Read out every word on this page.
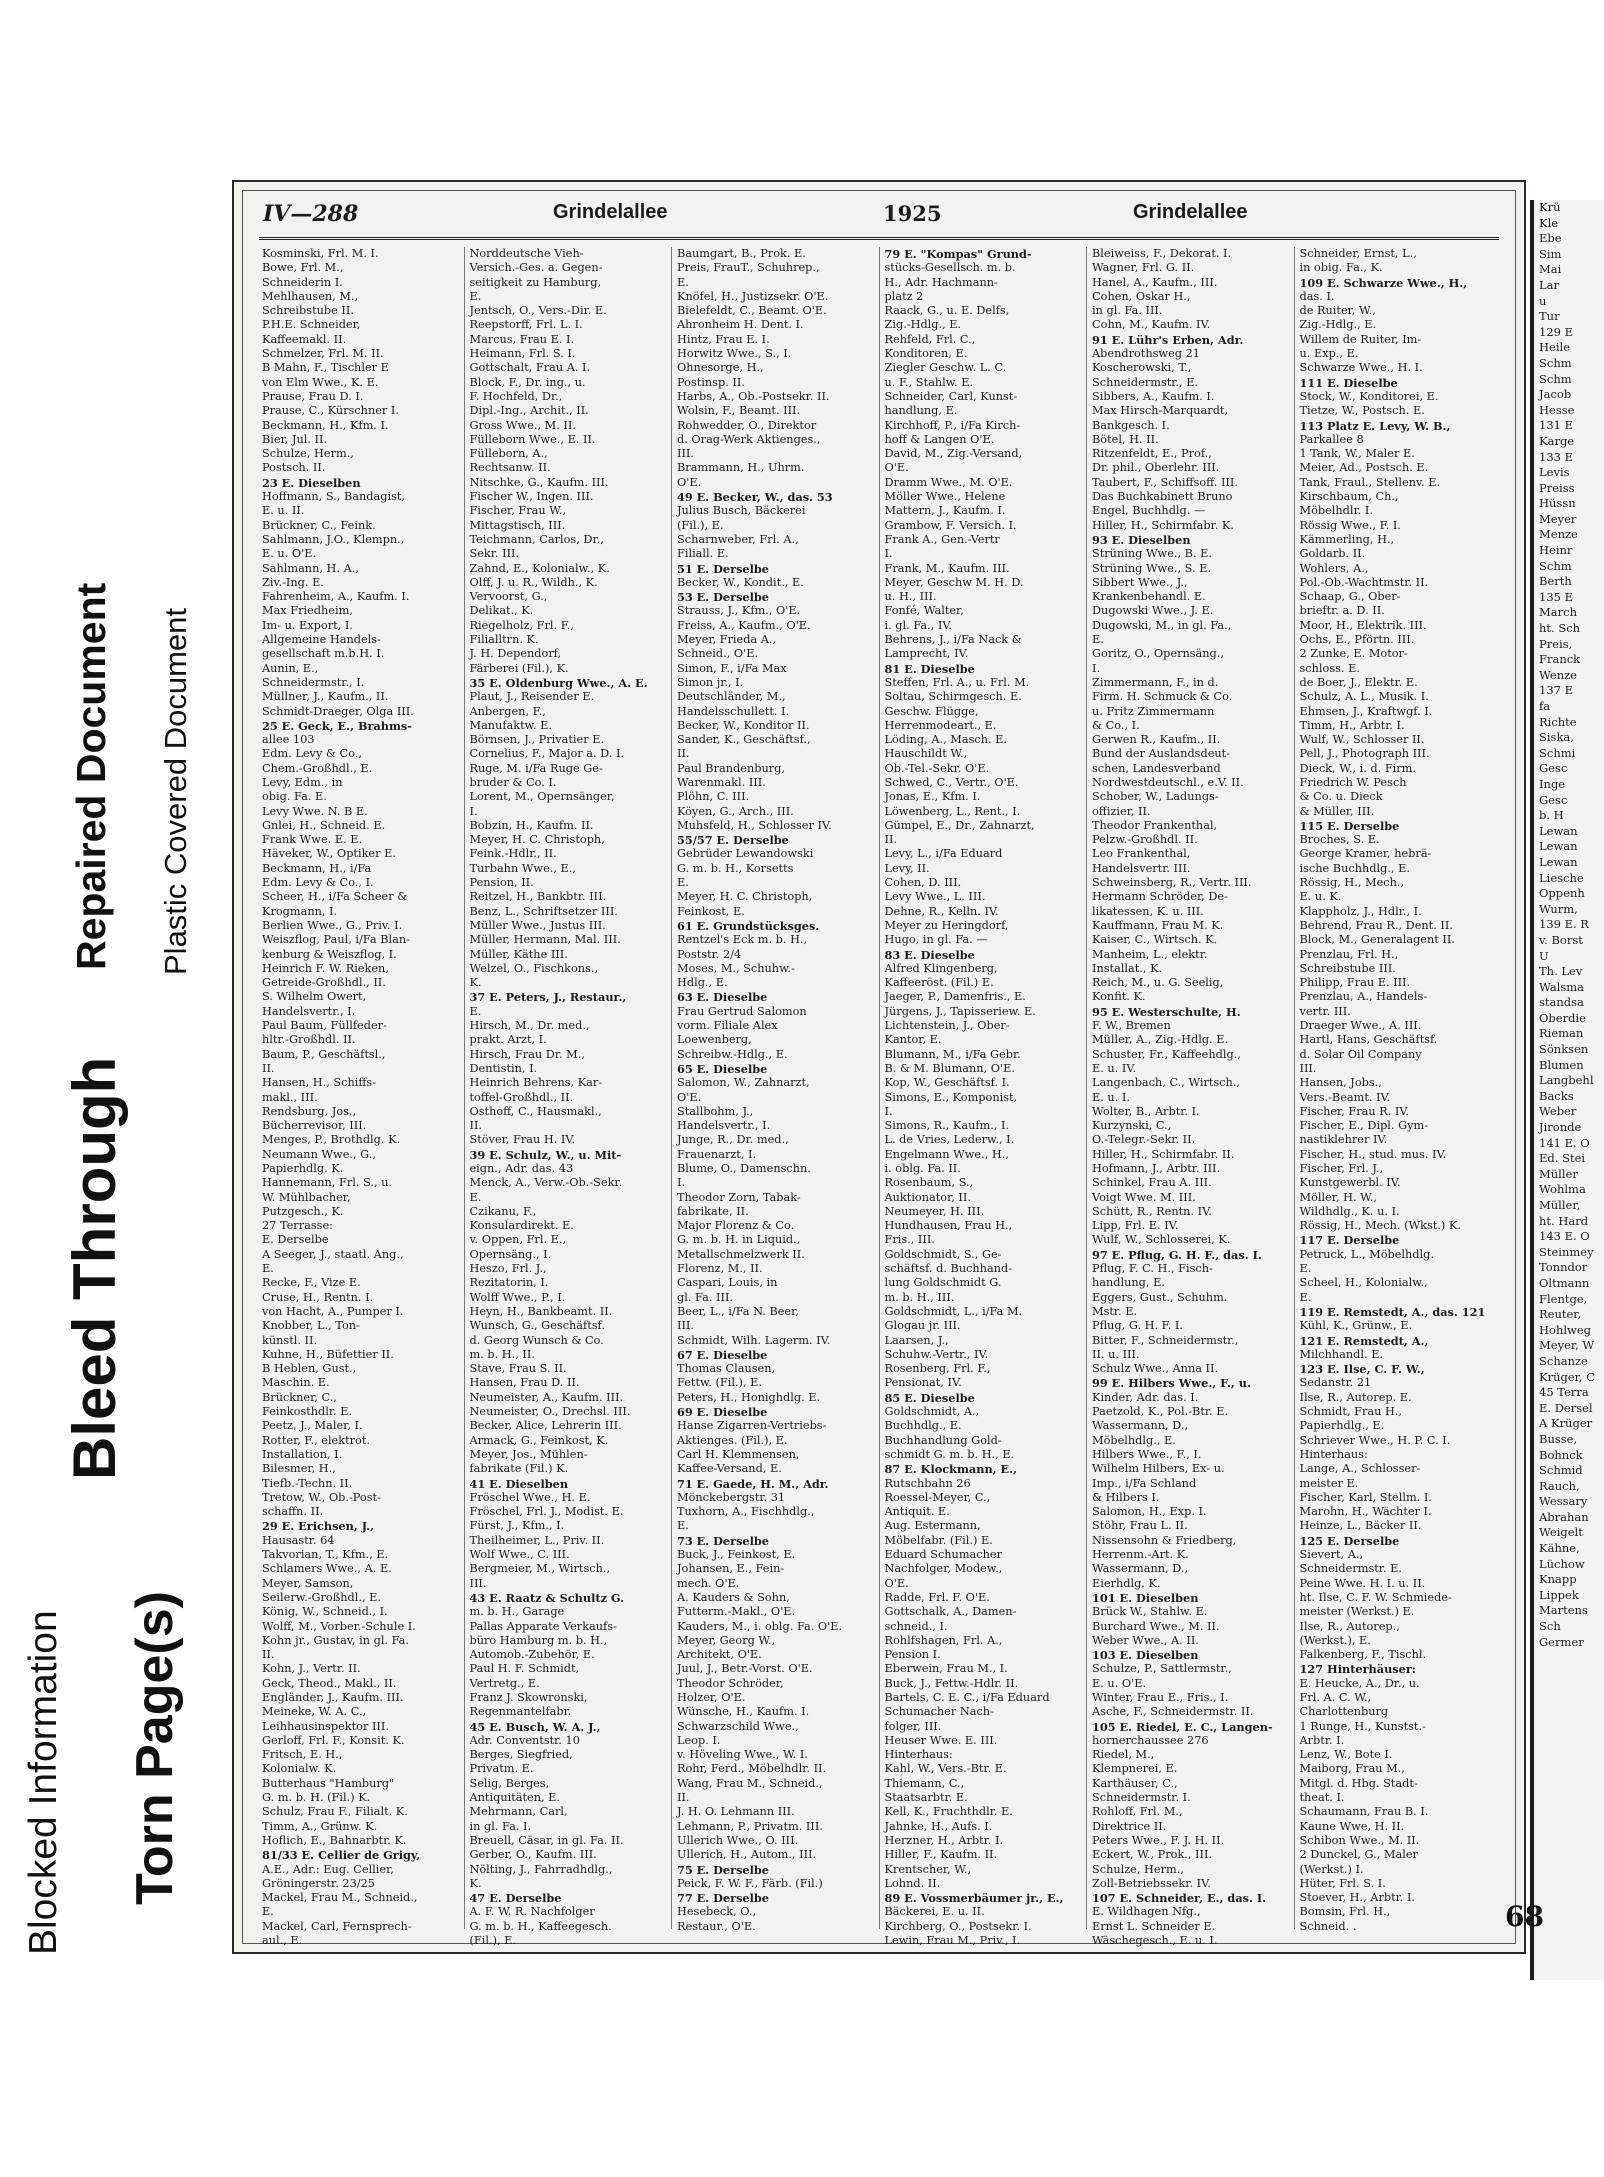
Blocked Information Torn Page(s)
Bleed Through
Repaired Document Plastic Covered Document
IV—288	Grindelallee	1925	Grindelallee
Kosminski, Frl. M. I.
Bowe, Frl. M.,
Schneiderin I.
Mehlhausen, M.,
Schreibstube II.
P.H.E. Schneider,
Kaffeemakl. II.
Schmelzer, Frl. M. II.
B Mahn, F., Tischler E
von Elm Wwe., K. E.
Prause, Frau D. I.
Prause, C., Kürschner I.
Beckmann, H., Kfm. I.
Bier, Jul. II.
Schulze, Herm.,
Postsch. II.
23 E. Dieselben
Hoffmann, S., Bandagist,
E. u. II.
Brückner, C., Feink.
Sahlmann, J.O., Klempn.,
E. u. O'E.
Sahlmann, H. A.,
Ziv.-Ing. E.
Fahrenheim, A., Kaufm. I.
Max Friedheim,
Im- u. Export, I.
Allgemeine Handels-
gesellschaft m.b.H. I.
Aunin, E.,
Schneidermstr., I.
Müllner, J., Kaufm., II.
Schmidt-Draeger, Olga III.
25 E. Geck, E., Brahms-
allee 103
Edm. Levy & Co.,
Chem.-Großhdl., E.
Levy, Edm., in
obig. Fa. E.
Levy Wwe. N. B E.
Gnlei, H., Schneid. E.
Frank Wwe. E. E.
Häveker, W., Optiker E.
Beckmann, H., i/Fa
Edm. Levy & Co., I.
Scheer, H., i/Fa Scheer &
Krogmann, I.
Berlien Wwe., G., Priv. I.
Weiszflog, Paul, i/Fa Blan-
kenburg & Weiszflog, I.
Heinrich F. W. Rieken,
Getreide-Großhdl., II.
S. Wilhelm Owert,
Handelsvertr., I.
Paul Baum, Füllfeder-
hltr.-Großhdl. II.
Baum, P., Geschäftsl.,
II.
Hansen, H., Schiffs-
makl., III.
Rendsburg, Jos.,
Bücherrevisor, III.
Menges, P., Brothdlg. K.
Neumann Wwe., G.,
Papierhdlg. K.
Hannemann, Frl. S., u.
W. Mühlbacher,
Putzgesch., K.
27 Terrasse:
E. Derselbe
A Seeger, J., staatl. Ang.,
E.
Recke, F., Vize E.
Cruse, H., Rentn. I.
von Hacht, A., Pumper I.
Knobber, L., Ton-
künstl. II.
Kuhne, H., Büfettier II.
B Heblen, Gust.,
Maschin. E.
Brückner, C.,
Feinkosthdlr. E.
Peetz, J., Maler, I.
Rotter, F., elektrot.
Installation, I.
Bilesmer, H.,
Tiefb.-Techn. II.
Tretow, W., Ob.-Post-
schaffn. II.
29 E. Erichsen, J.,
Hausastr. 64
Takvorian, T., Kfm., E.
Schlamers Wwe., A. E.
Meyer, Samson,
Seilerw.-Großhdl., E.
König, W., Schneid., I.
Wolff, M., Vorber.-Schule I.
Kohn jr., Gustav, in gl. Fa.
II.
Kohn, J., Vertr. II.
Geck, Theod., Makl., II.
Engländer, J., Kaufm. III.
Meineke, W. A. C.,
Leihhausinspektor III.
Gerloff, Frl. F., Konsit. K.
Fritsch, E. H.,
Kolonialw. K.
Butterhaus "Hamburg"
G. m. b. H. (Fil.) K.
Schulz, Frau F., Filialt. K.
Timm, A., Grünw. K.
Hoflich, E., Bahnarbtr. K.
81/33 E. Cellier de Grigy,
A.E., Adr.: Eug. Cellier,
Gröningerstr. 23/25
Mackel, Frau M., Schneid.,
E.
Mackel, Carl, Fernsprech-
aul., E.
Norddeutsche Vieh-
Versich.-Ges. a. Gegen-
seitigkeit zu Hamburg,
E.
Jentsch, O., Vers.-Dir. E.
Reepstorff, Frl. L. I.
Marcus, Frau E. I.
Heimann, Frl. S. I.
Gottschalt, Frau A. I.
Block, F., Dr. ing., u.
F. Hochfeld, Dr.,
Dipl.-Ing., Archit., II.
Gross Wwe., M. II.
Fülleborn Wwe., E. II.
Fülleborn, A.,
Rechtsanw. II.
Nitschke, G., Kaufm. III.
Fischer W., Ingen. III.
Fischer, Frau W.,
Mittagstisch, III.
Teichmann, Carlos, Dr.,
Sekr. III.
Zahnd, E., Kolonialw., K.
Olff, J. u. R., Wildh., K.
Vervoorst, G.,
Delikat., K.
Riegelholz, Frl. F.,
Filialltrn. K.
J. H. Dependorf,
Färberei (Fil.), K.
35 E. Oldenburg Wwe., A. E.
Plaut, J., Reisender E.
Anbergen, F.,
Manufaktw. E.
Börnsen, J., Privatier E.
Cornelius, F., Major a. D. I.
Ruge, M. i/Fa Ruge Ge-
bruder & Co. I.
Lorent, M., Opernsänger,
I.
Bobzin, H., Kaufm. II.
Meyer, H. C. Christoph,
Feink.-Hdlr., II.
Turbahn Wwe., E.,
Pension, II.
Reitzel, H., Bankbtr. III.
Benz, L., Schriftsetzer III.
Müller Wwe., Justus III.
Müller, Hermann, Mal. III.
Müller, Käthe III.
Welzel, O., Fischkons.,
K.
37 E. Peters, J., Restaur.,
E.
Hirsch, M., Dr. med.,
prakt. Arzt, I.
Hirsch, Frau Dr. M.,
Dentistin, I.
Heinrich Behrens, Kar-
toffel-Großhdl., II.
Osthoff, C., Hausmakl.,
II.
Stöver, Frau H. IV.
39 E. Schulz, W., u. Mit-
eign., Adr. das. 43
Menck, A., Verw.-Ob.-Sekr.
E.
Czikanu, F.,
Konsulardirekt. E.
v. Oppen, Frl. E.,
Opernsäng., I.
Heszo, Frl. J.,
Rezitatorin, I.
Wolff Wwe., P., I.
Heyn, H., Bankbeamt. II.
Wunsch, G., Geschäftsf.
d. Georg Wunsch & Co.
m. b. H., II.
Stave, Frau S. II.
Hansen, Frau D. II.
Neumeister, A., Kaufm. III.
Neumeister, O., Drechsl. III.
Becker, Alice, Lehrerin III.
Armack, G., Feinkost, K.
Meyer, Jos., Mühlen-
fabrikate (Fil.) K.
41 E. Dieselben
Fröschel Wwe., H. E.
Fröschel, Frl. J., Modist. E.
Fürst, J., Kfm., I.
Theilheimer, L., Priv. II.
Wolf Wwe., C. III.
Bergmeier, M., Wirtsch.,
III.
43 E. Raatz & Schultz G.
m. b. H., Garage
Pallas Apparate Verkaufs-
büro Hamburg m. b. H.,
Automob.-Zubehör, E.
Paul H. F. Schmidt,
Vertretg., E.
Franz J. Skowronski,
Regenmantelfabr.
45 E. Busch, W. A. J.,
Adr. Conventstr. 10
Berges, Siegfried,
Privatm. E.
Selig, Berges,
Antiquitäten, E.
Mehrmann, Carl,
in gl. Fa. I.
Breuell, Cäsar, in gl. Fa. II.
Gerber, O., Kaufm. III.
Nölting, J., Fahrradhdlg.,
K.
47 E. Derselbe
A. F. W. R. Nachfolger
G. m. b. H., Kaffeegesch.
(Fil.), E.
Baumgart, B., Prok. E.
Preis, FrauT., Schuhrep.,
E.
Knöfel, H., Justizsekr. O'E.
Bielefeldt, C., Beamt. O'E.
Ahronheim H. Dent. I.
Hintz, Frau E. I.
Horwitz Wwe., S., I.
Ohnesorge, H.,
Postinsp. II.
Harbs, A., Ob.-Postsekr. II.
Wolsin, F., Beamt. III.
Rohwedder, O., Direktor
d. Orag-Werk Aktienges.,
III.
Brammann, H., Uhrm.
O'E.
49 E. Becker, W., das. 53
Julius Busch, Bäckerei
(Fil.), E.
Scharnweber, Frl. A.,
Filiall. E.
51 E. Derselbe
Becker, W., Kondit., E.
53 E. Derselbe
Strauss, J., Kfm., O'E.
Freiss, A., Kaufm., O'E.
Meyer, Frieda A.,
Schneid., O'E.
Simon, F., i/Fa Max
Simon jr., I.
Deutschländer, M.,
Handelsschullett. I.
Becker, W., Konditor II.
Sander, K., Geschäftsf.,
II.
Paul Brandenburg,
Warenmakl. III.
Plöhn, C. III.
Köyen, G., Arch., III.
Muhsfeld, H., Schlosser IV.
55/57 E. Derselbe
Gebrüder Lewandowski
G. m. b. H., Korsetts
E.
Meyer, H. C. Christoph,
Feinkost, E.
61 E. Grundstücksges.
Rentzel's Eck m. b. H.,
Poststr. 2/4
Moses, M., Schuhw.-
Hdlg., E.
63 E. Dieselbe
Frau Gertrud Salomon
vorm. Filiale Alex
Loewenberg,
Schreibw.-Hdlg., E.
65 E. Dieselbe
Salomon, W., Zahnarzt,
O'E.
Stallbohm, J.,
Handelsvertr., I.
Junge, R., Dr. med.,
Frauenarzt, I.
Blume, O., Damenschn.
I.
Theodor Zorn, Tabak-
fabrikate, II.
Major Florenz & Co.
G. m. b. H. in Liquid.,
Metallschmelzwerk II.
Florenz, M., II.
Caspari, Louis, in
gl. Fa. III.
Beer, L., i/Fa N. Beer,
III.
Schmidt, Wilh. Lagerm. IV.
67 E. Dieselbe
Thomas Clausen,
Fettw. (Fil.), E.
Peters, H., Honighdlg. E.
69 E. Dieselbe
Hanse Zigarren-Vertriebs-
Aktienges. (Fil.), E.
Carl H. Klemmensen,
Kaffee-Versand, E.
71 E. Gaede, H. M., Adr.
Mönckebergstr. 31
Tuxhorn, A., Fischhdlg.,
E.
73 E. Derselbe
Buck, J., Feinkost, E.
Johansen, E., Fein-
mech. O'E.
A. Kauders & Sohn,
Futterm.-Makl., O'E.
Kauders, M., i. oblg. Fa. O'E.
Meyer, Georg W.,
Architekt, O'E.
Juul, J., Betr.-Vorst. O'E.
Theodor Schröder,
Holzer, O'E.
Wünsche, H., Kaufm. I.
Schwarzschild Wwe.,
Leop. I.
v. Höveling Wwe., W. I.
Rohr, Ferd., Möbelhdlr. II.
Wang, Frau M., Schneid.,
II.
J. H. O. Lehmann III.
Lehmann, P., Privatm. III.
Ullerich Wwe., O. III.
Ullerich, H., Autom., III.
75 E. Derselbe
Peick, F. W. F., Färb. (Fil.)
77 E. Derselbe
Hesebeck, O.,
Restaur., O'E.
79 E. "Kompas" Grund-
stücks-Gesellsch. m. b.
H., Adr. Hachmann-
platz 2
Raack, G., u. E. Delfs,
Zig.-Hdlg., E.
Rehfeld, Frl. C.,
Konditoren, E.
Ziegler Geschw. L. C.
u. F., Stahlw. E.
Schneider, Carl, Kunst-
handlung, E.
Kirchhoff, P., i/Fa Kirch-
hoff & Langen O'E.
David, M., Zig.-Versand,
O'E.
Dramm Wwe., M. O'E.
Möller Wwe., Helene
Mattern, J., Kaufm. I.
Grambow, F. Versich. I.
Frank A., Gen.-Vertr
I.
Frank, M., Kaufm. III.
Meyer, Geschw M. H. D.
u. H., III.
Fonfé, Walter,
i. gl. Fa., IV.
Behrens, J., i/Fa Nack &
Lamprecht, IV.
81 E. Dieselbe
Steffen, Frl. A., u. Frl. M.
Soltau, Schirmgesch. E.
Geschw. Flügge,
Herrenmodeart., E.
Löding, A., Masch. E.
Hauschildt W.,
Ob.-Tel.-Sekr. O'E.
Schwed, C., Vertr., O'E.
Jonas, E., Kfm. I.
Löwenberg, L., Rent., I.
Gümpel, E., Dr., Zahnarzt,
II.
Levy, L., i/Fa Eduard
Levy, II.
Cohen, D. III.
Levy Wwe., L. III.
Dehne, R., Kelln. IV.
Meyer zu Heringdorf,
Hugo, in gl. Fa. —
83 E. Dieselbe
Alfred Klingenberg,
Kaffeeröst. (Fil.) E.
Jaeger, P., Damenfris., E.
Jürgens, J., Tapisseriew. E.
Lichtenstein, J., Ober-
Kantor, E.
Blumann, M., i/Fa Gebr.
B. & M. Blumann, O'E.
Kop, W., Geschäftsf. I.
Simons, E., Komponist,
I.
Simons, R., Kaufm., I.
L. de Vries, Lederw., I.
Engelmann Wwe., H.,
i. oblg. Fa. II.
Rosenbaum, S.,
Auktionator, II.
Neumeyer, H. III.
Hundhausen, Frau H.,
Fris., III.
Goldschmidt, S., Ge-
schäftsf. d. Buchhand-
lung Goldschmidt G.
m. b. H., III.
Goldschmidt, L., i/Fa M.
Glogau jr. III.
Laarsen, J.,
Schuhw.-Vertr., IV.
Rosenberg, Frl. F.,
Pensionat, IV.
85 E. Dieselbe
Goldschmidt, A.,
Buchhdlg., E.
Buchhandlung Gold-
schmidt G. m. b. H., E.
87 E. Klockmann, E.,
Rutschbahn 26
Roessel-Meyer, C.,
Antiquit. E.
Aug. Estermann,
Möbelfabr. (Fil.) E.
Eduard Schumacher
Nachfolger, Modew.,
O'E.
Radde, Frl. F. O'E.
Gottschalk, A., Damen-
schneid., I.
Rohlfshagen, Frl. A.,
Pension I.
Eberwein, Frau M., I.
Buck, J., Fettw.-Hdlr. II.
Bartels, C. E. C., i/Fa Eduard
Schumacher Nach-
folger, III.
Heuser Wwe. E. III.
Hinterhaus:
Kahl, W., Vers.-Btr. E.
Thiemann, C.,
Staatsarbtr. E.
Kell, K., Fruchthdlr. E.
Jahnke, H., Aufs. I.
Herzner, H., Arbtr. I.
Hiller, F., Kaufm. II.
Krentscher, W.,
Lohnd. II.
89 E. Vossmerbäumer jr., E.,
Bäckerei, E. u. II.
Kirchberg, O., Postsekr. I.
Lewin, Frau M., Priv., I.
Bleiweiss, F., Dekorat. I.
Wagner, Frl. G. II.
Hanel, A., Kaufm., III.
Cohen, Oskar H.,
in gl. Fa. III.
Cohn, M., Kaufm. IV.
91 E. Lühr's Erben, Adr.
Abendrothsweg 21
Koscherowski, T.,
Schneidermstr., E.
Sibbers, A., Kaufm. I.
Max Hirsch-Marquardt,
Bankgesch. I.
Bötel, H. II.
Ritzenfeldt, E., Prof.,
Dr. phil., Oberlehr. III.
Taubert, F., Schiffsoff. III.
Das Buchkabinett Bruno
Engel, Buchhdlg. —
Hiller, H., Schirmfabr. K.
93 E. Dieselben
Strüning Wwe., B. E.
Strüning Wwe., S. E.
Sibbert Wwe., J.,
Krankenbehandl. E.
Dugowski Wwe., J. E.
Dugowski, M., in gl. Fa.,
E.
Goritz, O., Opernsäng.,
I.
Zimmermann, F., in d.
Firm. H. Schmuck & Co.
u. Fritz Zimmermann
& Co., I.
Gerwen R., Kaufm., II.
Bund der Auslandsdeut-
schen, Landesverband
Nordwestdeutschl., e.V. II.
Schober, W., Ladungs-
offizier, II.
Theodor Frankenthal,
Pelzw.-Großhdl. II.
Leo Frankenthal,
Handelsvertr. III.
Schweinsberg, R., Vertr. III.
Hermann Schröder, De-
likatessen, K. u. III.
Kauffmann, Frau M. K.
Kaiser, C., Wirtsch. K.
Manheim, L., elektr.
Installat., K.
Reich, M., u. G. Seelig,
Konfit. K.
95 E. Westerschulte, H.
F. W., Bremen
Müller, A., Zig.-Hdlg. E.
Schuster, Fr., Kaffeehdlg.,
E. u. IV.
Langenbach, C., Wirtsch.,
E. u. I.
Wolter, B., Arbtr. I.
Kurzynski, C.,
O.-Telegr.-Sekr. II.
Hiller, H., Schirmfabr. II.
Hofmann, J., Arbtr. III.
Schinkel, Frau A. III.
Voigt Wwe. M. III.
Schütt, R., Rentn. IV.
Lipp, Frl. E. IV.
Wulf, W., Schlosserei, K.
97 E. Pflug, G. H. F., das. I.
Pflug, F. C. H., Fisch-
handlung, E.
Eggers, Gust., Schuhm.
Mstr. E.
Pflug, G. H. F. I.
Bitter, F., Schneidermstr.,
II. u. III.
Schulz Wwe., Anna II.
99 E. Hilbers Wwe., F., u.
Kinder, Adr. das. I.
Paetzold, K., Pol.-Btr. E.
Wassermann, D.,
Möbelhdlg., E.
Hilbers Wwe., F., I.
Wilhelm Hilbers, Ex- u.
Imp., i/Fa Schland
& Hilbers I.
Salomon, H., Exp. I.
Stöhr, Frau L. II.
Nissensohn & Friedberg,
Herrenm.-Art. K.
Wassermann, D.,
Eierhdlg. K.
101 E. Dieselben
Brück W., Stahlw. E.
Burchard Wwe., M. II.
Weber Wwe., A. II.
103 E. Dieselben
Schulze, P., Sattlermstr.,
E. u. O'E.
Winter, Frau E., Fris., I.
Asche, F., Schneidermstr. II.
105 E. Riedel, E. C., Langen-
hornerchaussee 276
Riedel, M.,
Klempnerei, E.
Karthäuser, C.,
Schneidermstr. I.
Rohloff, Frl. M.,
Direktrice II.
Peters Wwe., F. J. H. II.
Eckert, W., Prok., III.
Schulze, Herm.,
Zoll-Betriebssekr. IV.
107 E. Schneider, E., das. I.
E. Wildhagen Nfg.,
Ernst L. Schneider E.
Wäschegesch., E. u. I.
Schneider, Ernst, L.,
in obig. Fa., K.
109 E. Schwarze Wwe., H.,
das. I.
de Ruiter, W.,
Zig.-Hdlg., E.
Willem de Ruiter, Im-
u. Exp., E.
Schwarze Wwe., H. I.
111 E. Dieselbe
Stock, W., Konditorei, E.
Tietze, W., Postsch. E.
113 Platz E. Levy, W. B.,
Parkallee 8
1 Tank, W., Maler E.
Meier, Ad., Postsch. E.
Tank, Fraul., Stellenv. E.
Kirschbaum, Ch.,
Möbelhdlr. I.
Rössig Wwe., F. I.
Kämmerling, H.,
Goldarb. II.
Wohlers, A.,
Pol.-Ob.-Wachtmstr. II.
Schaap, G., Ober-
brieftr. a. D. II.
Moor, H., Elektrik. III.
Ochs, E., Pförtn. III.
2 Zunke, E. Motor-
schloss. E.
de Boer, J., Elektr. E.
Schulz, A. L., Musik. I.
Ehmsen, J., Kraftwgf. I.
Timm, H., Arbtr. I.
Wulf, W., Schlosser II.
Pell, J., Photograph III.
Dieck, W., i. d. Firm.
Friedrich W. Pesch
& Co. u. Dieck
& Müller, III.
115 E. Derselbe
Broches, S. E.
George Kramer, hebrä-
ische Buchhdlg., E.
Rössig, H., Mech.,
E. u. K.
Klappholz, J., Hdlr., I.
Behrend, Frau R., Dent. II.
Block, M., Generalagent II.
Prenzlau, Frl. H.,
Schreibstube III.
Philipp, Frau E. III.
Prenzlau, A., Handels-
vertr. III.
Draeger Wwe., A. III.
Hartl, Hans, Geschäftsf.
d. Solar Oil Company
III.
Hansen, Jobs.,
Vers.-Beamt. IV.
Fischer, Frau R. IV.
Fischer, E., Dipl. Gym-
nastiklehrer IV.
Fischer, H., stud. mus. IV.
Fischer, Frl. J.,
Kunstgewerbl. IV.
Möller, H. W.,
Wildhdlg., K. u. I.
Rössig, H., Mech. (Wkst.) K.
117 E. Derselbe
Petruck, L., Möbelhdlg.
E.
Scheel, H., Kolonialw.,
E.
119 E. Remstedt, A., das. 121
Kühl, K., Grünw., E.
121 E. Remstedt, A.,
Milchhandl. E.
123 E. Ilse, C. F. W.,
Sedanstr. 21
Ilse, R., Autorep. E.
Schmidt, Frau H.,
Papierhdlg., E.
Schriever Wwe., H. P. C. I.
Hinterhaus:
Lange, A., Schlosser-
meister E.
Fischer, Karl, Stellm. I.
Marohn, H., Wächter I.
Heinze, L., Bäcker II.
125 E. Derselbe
Sievert, A.,
Schneidermstr. E.
Peine Wwe. H. I. u. II.
ht. Ilse, C. F. W. Schmiede-
meister (Werkst.) E.
Ilse, R., Autorep.,
(Werkst.), E.
Falkenberg, F., Tischl.
127 Hinterhäuser:
E. Heucke, A., Dr., u.
Frl. A. C. W.,
Charlottenburg
1 Runge, H., Kunstst.-
Arbtr. I.
Lenz, W., Bote I.
Maiborg, Frau M.,
Mitgl. d. Hbg. Stadt-
theat. I.
Schaumann, Frau B. I.
Kaune Wwe, H. II.
Schibon Wwe., M. II.
2 Dunckel, G., Maler
(Werkst.) I.
Hüter, Frl. S. I.
Stoever, H., Arbtr. I.
Bomsin, Frl. H.,
Schneid. .
Krü
Kle
Ebe
Sim
Mai
Lar
u
Tur
129 E
Heile
Schm
Schm
Jacob
Hesse
131 E
Karge
133 E
Levis
Preiss
Hüssn
Meyer
Menze
Heinr
Schm
Berth
135 E
March
ht. Sch
Preis,
Franck
Wenze
137 E
fa
Richte
Siska,
Schmi
Gesc
Inge
Gesc
b. H
Lewan
Lewan
Lewan
Liesche
Oppenh
Wurm,
139 E. R
v. Borst
U
Th. Lev
Walsma
standsa
Oberdie
Rieman
Sönksen
Blumen
Langbehl
Backs
Weber
Jironde
141 E. O
Ed. Stei
Müller
Wohlma
Müller,
ht. Hard
143 E. O
Steinmey
Tonndor
Oltmann
Flentge,
Reuter,
Hohlweg
Meyer, W
Schanze
Krüger, C
45 Terra
E. Dersel
A Krüger
Busse,
Bohnck
Schmid
Rauch,
Wessary
Abrahan
Weigelt
Kähne,
Lüchow
Knapp
Lippek
Martens
Sch
Germer
68
